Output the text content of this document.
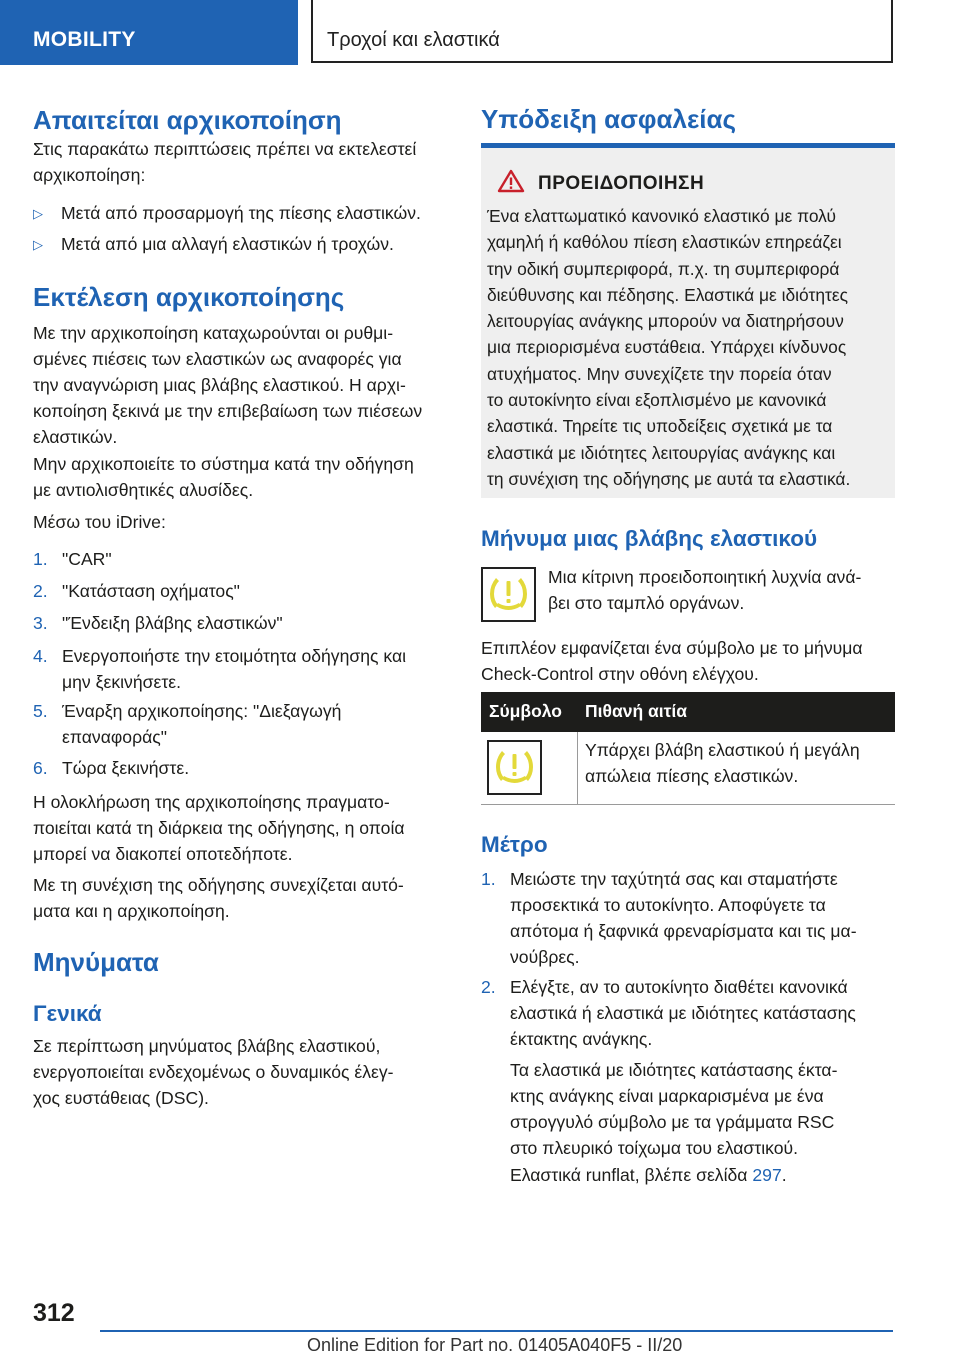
MOBILITY	Τροχοί και ελαστικά
Απαιτείται αρχικοποίηση
Στις παρακάτω περιπτώσεις πρέπει να εκτελεστεί
αρχικοποίηση:
▷	Μετά από προσαρμογή της πίεσης ελαστικών.
▷	Μετά από μια αλλαγή ελαστικών ή τροχών.
Εκτέλεση αρχικοποίησης
Με την αρχικοποίηση καταχωρούνται οι ρυθμι-
σμένες πιέσεις των ελαστικών ως αναφορές για
την αναγνώριση μιας βλάβης ελαστικού. Η αρχι-
κοποίηση ξεκινά με την επιβεβαίωση των πιέσεων
ελαστικών.
Μην αρχικοποιείτε το σύστημα κατά την οδήγηση
με αντιολισθητικές αλυσίδες.
Μέσω του iDrive:
1. "CAR"
2. "Κατάσταση οχήματος"
3. "Ένδειξη βλάβης ελαστικών"
4. Ενεργοποιήστε την ετοιμότητα οδήγησης και
μην ξεκινήσετε.
5. Έναρξη αρχικοποίησης: "Διεξαγωγή
επαναφοράς"
6. Τώρα ξεκινήστε.
Η ολοκλήρωση της αρχικοποίησης πραγματο-
ποιείται κατά τη διάρκεια της οδήγησης, η οποία
μπορεί να διακοπεί οποτεδήποτε.
Με τη συνέχιση της οδήγησης συνεχίζεται αυτό-
ματα και η αρχικοποίηση.
Μηνύματα
Γενικά
Σε περίπτωση μηνύματος βλάβης ελαστικού,
ενεργοποιείται ενδεχομένως ο δυναμικός έλεγ-
χος ευστάθειας (DSC).
Υπόδειξη ασφαλείας
ΠΡΟΕΙΔΟΠΟΙΗΣΗ
Ένα ελαττωματικό κανονικό ελαστικό με πολύ
χαμηλή ή καθόλου πίεση ελαστικών επηρεάζει
την οδική συμπεριφορά, π.χ. τη συμπεριφορά
διεύθυνσης και πέδησης. Ελαστικά με ιδιότητες
λειτουργίας ανάγκης μπορούν να διατηρήσουν
μια περιορισμένα ευστάθεια. Υπάρχει κίνδυνος
ατυχήματος. Μην συνεχίζετε την πορεία όταν
το αυτοκίνητο είναι εξοπλισμένο με κανονικά
ελαστικά. Τηρείτε τις υποδείξεις σχετικά με τα
ελαστικά με ιδιότητες λειτουργίας ανάγκης και
τη συνέχιση της οδήγησης με αυτά τα ελαστικά.
Μήνυμα μιας βλάβης ελαστικού
Μια κίτρινη προειδοποιητική λυχνία ανά-
βει στο ταμπλό οργάνων.
Επιπλέον εμφανίζεται ένα σύμβολο με το μήνυμα
Check-Control στην οθόνη ελέγχου.
Σύμβολο Πιθανή αιτία
Υπάρχει βλάβη ελαστικού ή μεγάλη
απώλεια πίεσης ελαστικών.
Μέτρο
1. Μειώστε την ταχύτητά σας και σταματήστε
προσεκτικά το αυτοκίνητο. Αποφύγετε τα
απότομα ή ξαφνικά φρεναρίσματα και τις μα-
νούβρες.
2. Ελέγξτε, αν το αυτοκίνητο διαθέτει κανονικά
ελαστικά ή ελαστικά με ιδιότητες κατάστασης
έκτακτης ανάγκης.
Τα ελαστικά με ιδιότητες κατάστασης έκτα-
κτης ανάγκης είναι μαρκαρισμένα με ένα
στρογγυλό σύμβολο με τα γράμματα RSC
στο πλευρικό τοίχωμα του ελαστικού.
Ελαστικά runflat, βλέπε σελίδα 297.
312
Online Edition for Part no. 01405A040F5 - II/20
